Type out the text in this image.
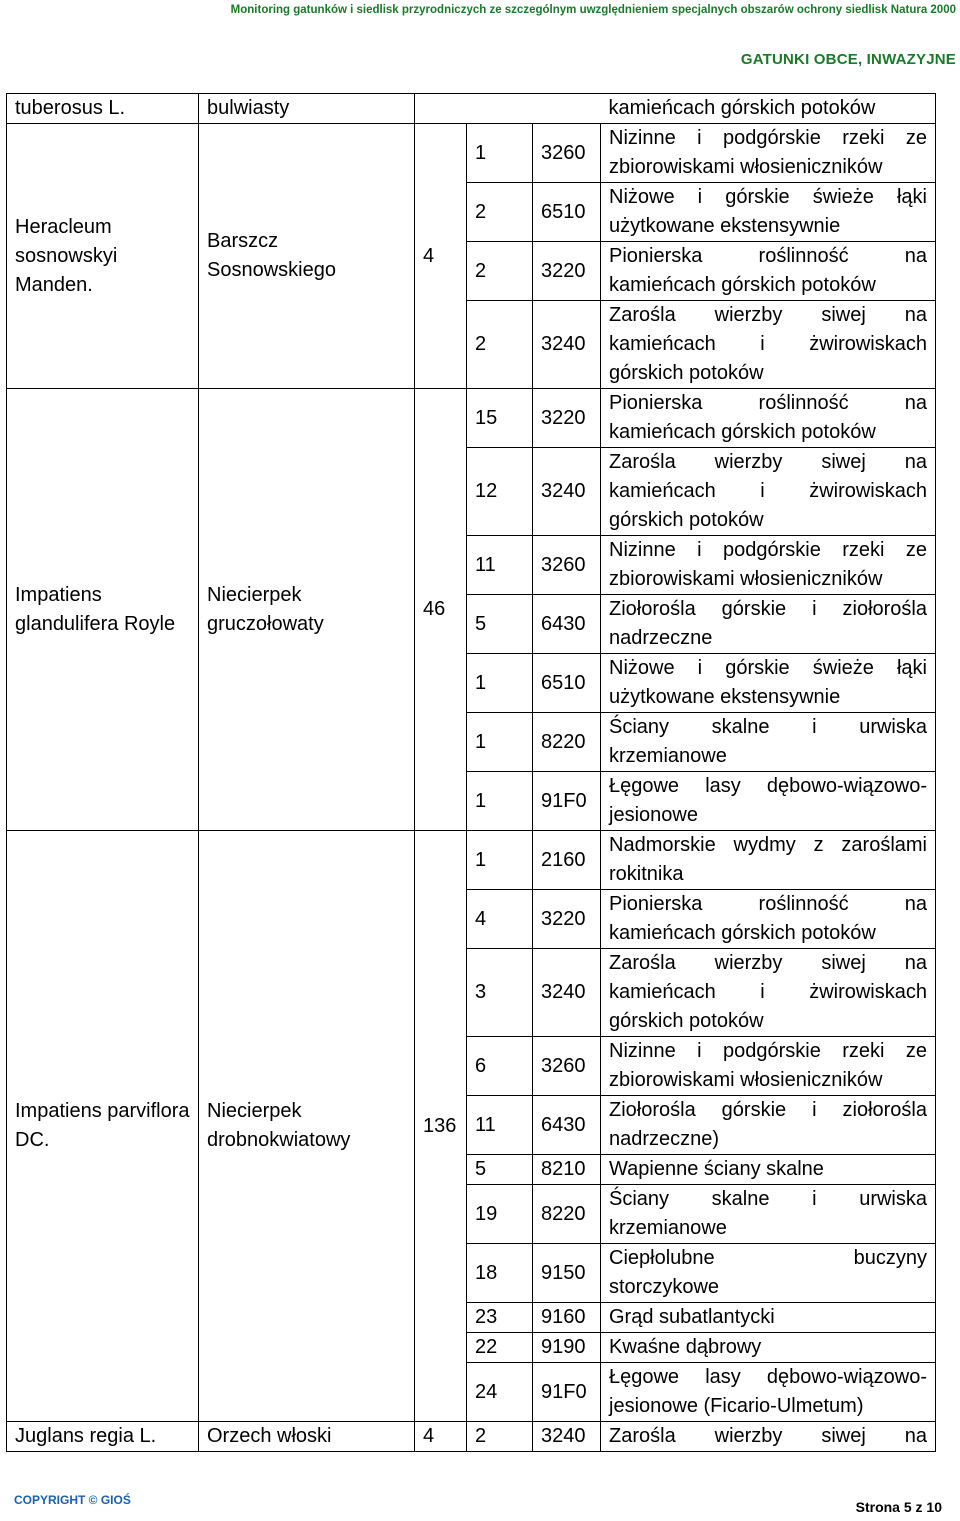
Monitoring gatunków i siedlisk przyrodniczych ze szczególnym uwzględnieniem specjalnych obszarów ochrony siedlisk Natura 2000
GATUNKI OBCE, INWAZYJNE
tuberosus L.	bulwiasty				kamieńcach górskich potoków

Heracleum sosnowskyi Manden.	Barszcz Sosnowskiego	4	1	3260	Nizinne i podgórskie rzeki ze
zbiorowiskami włosieniczników

			2	6510	Niżowe i górskie świeże łąki
użytkowane ekstensywnie

			2	3220	Pionierska roślinność na
kamieńcach górskich potoków

			2	3240	Zarośla wierzby siwej na
kamieńcach i żwirowiskach
górskich potoków

Impatiens glandulifera Royle	Niecierpek gruczołowaty	46	15	3220	Pionierska roślinność na
kamieńcach górskich potoków

			12	3240	Zarośla wierzby siwej na
kamieńcach i żwirowiskach
górskich potoków

			11	3260	Nizinne i podgórskie rzeki ze
zbiorowiskami włosieniczników

			5	6430	Ziołorośla górskie i ziołorośla
nadrzeczne

			1	6510	Niżowe i górskie świeże łąki
użytkowane ekstensywnie

			1	8220	Ściany skalne i urwiska
krzemianowe

			1	91F0	Łęgowe lasy dębowo-wiązowo-
jesionowe

Impatiens parviflora DC.	Niecierpek drobnokwiatowy	136	1	2160	Nadmorskie wydmy z zaroślami
rokitnika

			4	3220	Pionierska roślinność na
kamieńcach górskich potoków

			3	3240	Zarośla wierzby siwej na
kamieńcach i żwirowiskach
górskich potoków

			6	3260	Nizinne i podgórskie rzeki ze
zbiorowiskami włosieniczników

			11	6430	Ziołorośla górskie i ziołorośla
nadrzeczne)

			5	8210	Wapienne ściany skalne

			19	8220	Ściany skalne i urwiska
krzemianowe

			18	9150	Ciepłolubne buczyny
storczykowe

			23	9160	Grąd subatlantycki

			22	9190	Kwaśne dąbrowy

			24	91F0	Łęgowe lasy dębowo-wiązowo-
jesionowe (Ficario-Ulmetum)

Juglans regia L.	Orzech włoski	4	2	3240	Zarośla wierzby siwej na
COPYRIGHT © GIOŚ	Strona 5 z 10
